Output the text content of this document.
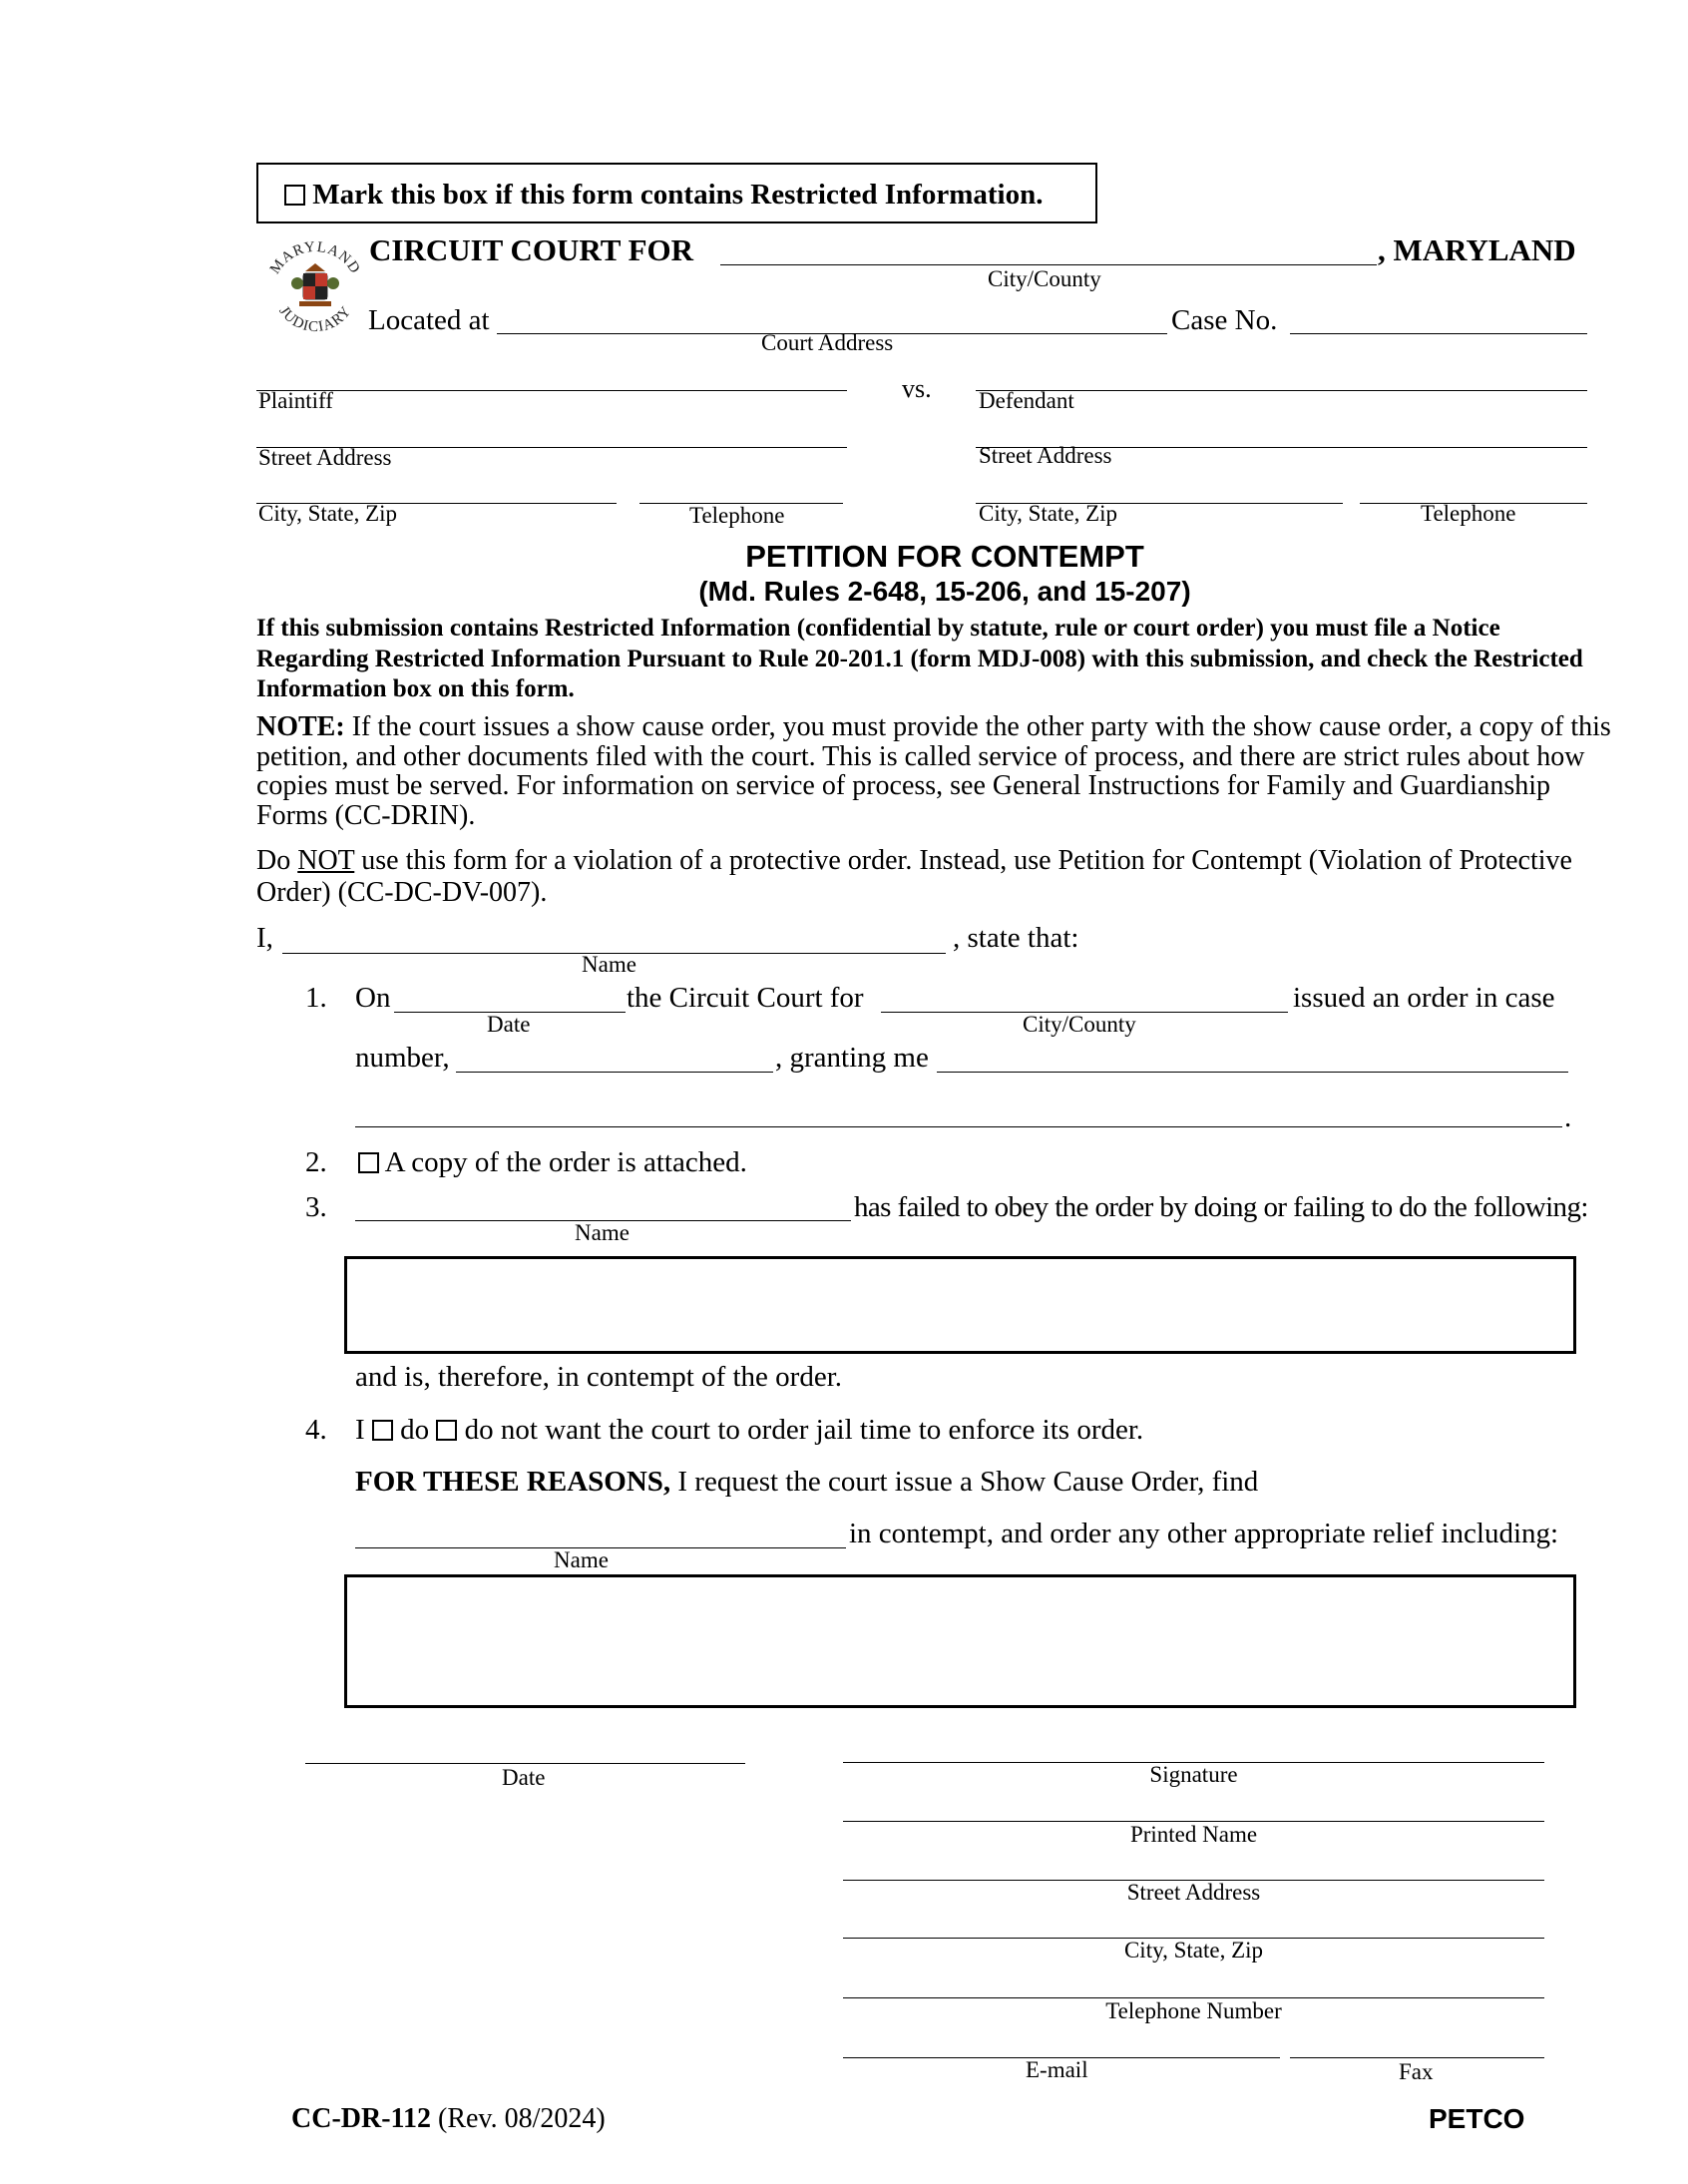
Mark this box if this form contains Restricted Information.
MARYLAND
JUDICIARY
CIRCUIT COURT FOR	, MARYLAND
City/County
Located at
Court Address
Case No.
Plaintiff	vs. Defendant
Street Address	Street Address
City, State, Zip	Telephone	City, State, Zip	Telephone
PETITION FOR CONTEMPT
(Md. Rules 2-648, 15-206, and 15-207)
If this submission contains Restricted Information (confidential by statute, rule or court order) you must file a Notice Regarding Restricted Information Pursuant to Rule 20-201.1 (form MDJ-008) with this submission, and check the Restricted Information box on this form.
NOTE: If the court issues a show cause order, you must provide the other party with the show cause order, a copy of this petition, and other documents filed with the court. This is called service of process, and there are strict rules about how copies must be served. For information on service of process, see General Instructions for Family and Guardianship Forms (CC-DRIN).
Do NOT use this form for a violation of a protective order. Instead, use Petition for Contempt (Violation of Protective Order) (CC-DC-DV-007).
I,	, state that:
Name
1. On
Date
the Circuit Court for
City/County
issued an order in case
number,	, granting me
.
2.	A copy of the order is attached.
3.
Name
has failed to obey the order by doing or failing to do the following:
and is, therefore, in contempt of the order.
4. I do do not want the court to order jail time to enforce its order.
FOR THESE REASONS, I request the court issue a Show Cause Order, find
Name
in contempt, and order any other appropriate relief including:
Date	Signature
Printed Name
Street Address
City, State, Zip
Telephone Number
E-mail	Fax
CC-DR-112 (Rev. 08/2024)	PETCO
